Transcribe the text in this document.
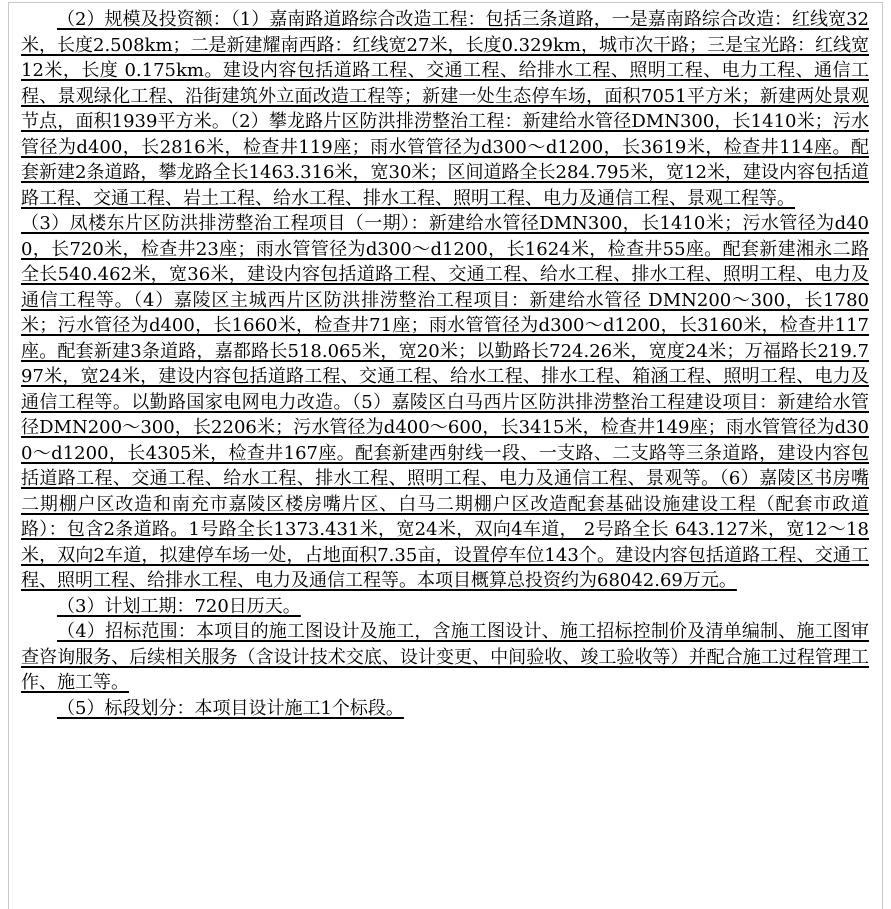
（2）规模及投资额：（1）嘉南路道路综合改造工程：包括三条道路，一是嘉南路综合改造：红线宽32米，长度2.508km；二是新建耀南西路：红线宽27米，长度0.329km，城市次干路；三是宝光路：红线宽12米，长度 0.175km。建设内容包括道路工程、交通工程、给排水工程、照明工程、电力工程、通信工程、景观绿化工程、沿街建筑外立面改造工程等；新建一处生态停车场，面积7051平方米；新建两处景观节点，面积1939平方米。（2）攀龙路片区防洪排涝整治工程：新建给水管径DMN300，长1410米；污水管径为d400，长2816米，检查井119座；雨水管管径为d300～d1200，长3619米，检查井114座。配套新建2条道路，攀龙路全长1463.316米，宽30米；区间道路全长284.795米，宽12米，建设内容包括道路工程、交通工程、岩土工程、给水工程、排水工程、照明工程、电力及通信工程、景观工程等。

（3）凤楼东片区防洪排涝整治工程项目（一期）：新建给水管径DMN300，长1410米；污水管径为d400，长720米，检查井23座；雨水管管径为d300～d1200，长1624米，检查井55座。配套新建湘永二路全长540.462米，宽36米，建设内容包括道路工程、交通工程、给水工程、排水工程、照明工程、电力及通信工程等。（4）嘉陵区主城西片区防洪排涝整治工程项目：新建给水管径 DMN200～300，长1780米；污水管径为d400，长1660米，检查井71座；雨水管管径为d300～d1200，长3160米，检查井117座。配套新建3条道路，嘉都路长518.065米，宽20米；以勤路长724.26米，宽度24米；万福路长219.797米，宽24米，建设内容包括道路工程、交通工程、给水工程、排水工程、箱涵工程、照明工程、电力及通信工程等。以勤路国家电网电力改造。（5）嘉陵区白马西片区防洪排涝整治工程建设项目：新建给水管径DMN200～300，长2206米；污水管径为d400～600，长3415米，检查井149座；雨水管管径为d300～d1200，长4305米，检查井167座。配套新建西射线一段、一支路、二支路等三条道路，建设内容包括道路工程、交通工程、给水工程、排水工程、照明工程、电力及通信工程、景观等。（6）嘉陵区书房嘴二期棚户区改造和南充市嘉陵区楼房嘴片区、白马二期棚户区改造配套基础设施建设工程（配套市政道路）：包含2条道路。1号路全长1373.431米，宽24米，双向4车道， 2号路全长 643.127米，宽12～18米，双向2车道，拟建停车场一处，占地面积7.35亩，设置停车位143个。建设内容包括道路工程、交通工程、照明工程、给排水工程、电力及通信工程等。本项目概算总投资约为68042.69万元。

（3）计划工期：720日历天。

（4）招标范围：本项目的施工图设计及施工，含施工图设计、施工招标控制价及清单编制、施工图审查咨询服务、后续相关服务（含设计技术交底、设计变更、中间验收、竣工验收等）并配合施工过程管理工作、施工等。

（5）标段划分：本项目设计施工1个标段。
